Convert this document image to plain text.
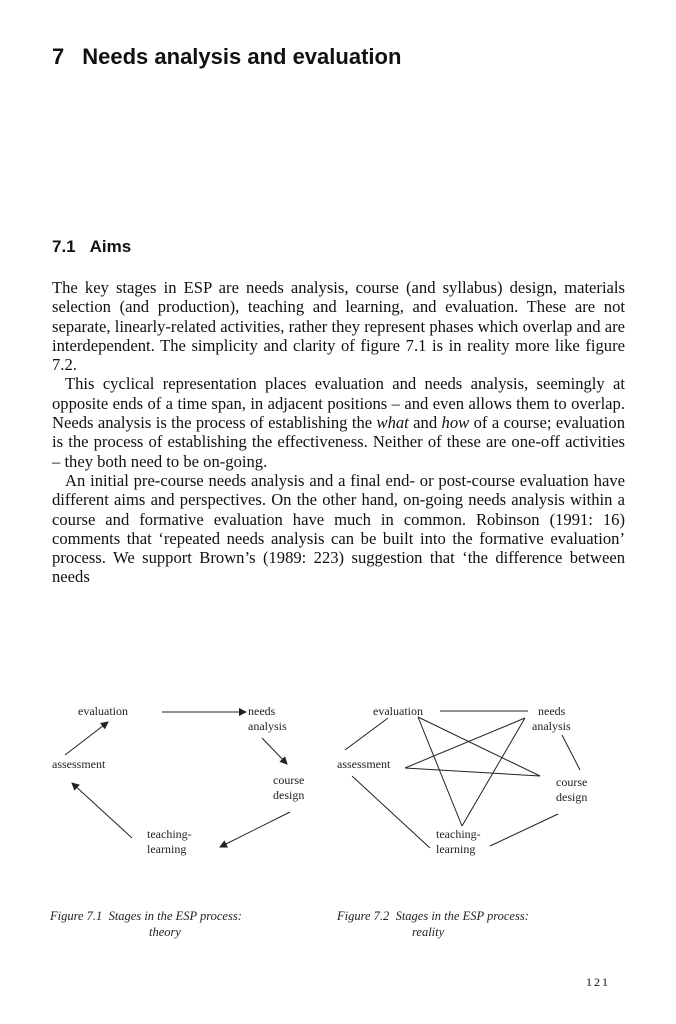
7 Needs analysis and evaluation
7.1 Aims

The key stages in ESP are needs analysis, course (and syllabus) design, materials selection (and production), teaching and learning, and evaluation. These are not separate, linearly-related activities, rather they represent phases which overlap and are interdependent. The simplicity and clarity of figure 7.1 is in reality more like figure 7.2.

This cyclical representation places evaluation and needs analysis, seemingly at opposite ends of a time span, in adjacent positions – and even allows them to overlap. Needs analysis is the process of establishing the what and how of a course; evaluation is the process of establishing the effectiveness. Neither of these are one-off activities – they both need to be on-going.

An initial pre-course needs analysis and a final end- or post-course evaluation have different aims and perspectives. On the other hand, on-going needs analysis within a course and formative evaluation have much in common. Robinson (1991: 16) comments that ‘repeated needs analysis can be built into the formative evaluation’ process. We support Brown’s (1989: 223) suggestion that ‘the difference between needs

evaluation	needs
analysis
assessment
course
design
teaching-
learning
evaluation	needs
analysis
assessment
course
design
teaching-
learning
Figure 7.1 Stages in the ESP process:
theory
Figure 7.2 Stages in the ESP process:
reality
121
